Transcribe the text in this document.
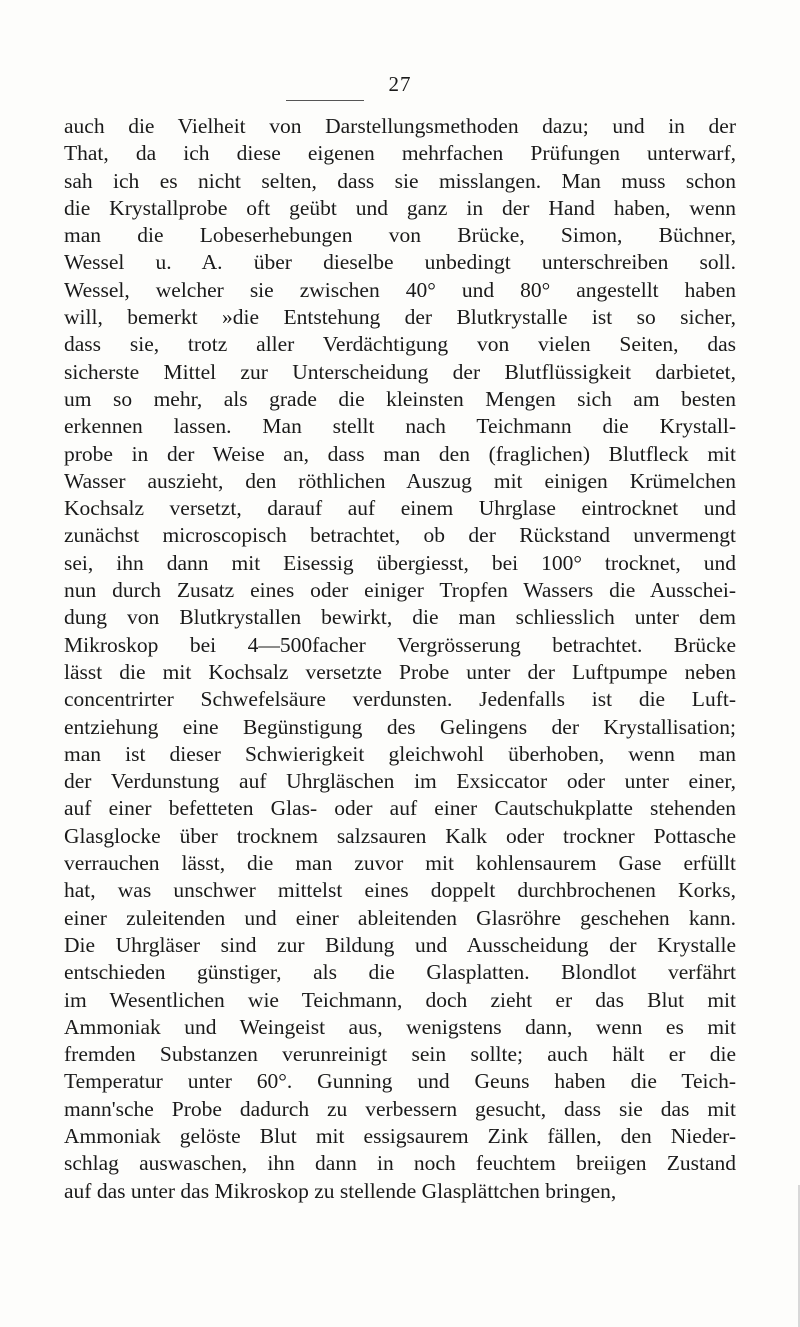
27
auch die Vielheit von Darstellungsmethoden dazu; und in der
That, da ich diese eigenen mehrfachen Prüfungen unterwarf,
sah ich es nicht selten, dass sie misslangen. Man muss schon
die Krystallprobe oft geübt und ganz in der Hand haben, wenn
man die Lobeserhebungen von Brücke, Simon, Büchner,
Wessel u. A. über dieselbe unbedingt unterschreiben soll.
Wessel, welcher sie zwischen 40° und 80° angestellt haben
will, bemerkt »die Entstehung der Blutkrystalle ist so sicher,
dass sie, trotz aller Verdächtigung von vielen Seiten, das
sicherste Mittel zur Unterscheidung der Blutflüssigkeit darbietet,
um so mehr, als grade die kleinsten Mengen sich am besten
erkennen lassen. Man stellt nach Teichmann die Krystall-
probe in der Weise an, dass man den (fraglichen) Blutfleck mit
Wasser auszieht, den röthlichen Auszug mit einigen Krümelchen
Kochsalz versetzt, darauf auf einem Uhrglase eintrocknet und
zunächst microscopisch betrachtet, ob der Rückstand unvermengt
sei, ihn dann mit Eisessig übergiesst, bei 100° trocknet, und
nun durch Zusatz eines oder einiger Tropfen Wassers die Ausschei-
dung von Blutkrystallen bewirkt, die man schliesslich unter dem
Mikroskop bei 4—500facher Vergrösserung betrachtet. Brücke
lässt die mit Kochsalz versetzte Probe unter der Luftpumpe neben
concentrirter Schwefelsäure verdunsten. Jedenfalls ist die Luft-
entziehung eine Begünstigung des Gelingens der Krystallisation;
man ist dieser Schwierigkeit gleichwohl überhoben, wenn man
der Verdunstung auf Uhrgläschen im Exsiccator oder unter einer,
auf einer befetteten Glas- oder auf einer Cautschukplatte stehenden
Glasglocke über trocknem salzsauren Kalk oder trockner Pottasche
verrauchen lässt, die man zuvor mit kohlensaurem Gase erfüllt
hat, was unschwer mittelst eines doppelt durchbrochenen Korks,
einer zuleitenden und einer ableitenden Glasröhre geschehen kann.
Die Uhrgläser sind zur Bildung und Ausscheidung der Krystalle
entschieden günstiger, als die Glasplatten. Blondlot verfährt
im Wesentlichen wie Teichmann, doch zieht er das Blut mit
Ammoniak und Weingeist aus, wenigstens dann, wenn es mit
fremden Substanzen verunreinigt sein sollte; auch hält er die
Temperatur unter 60°. Gunning und Geuns haben die Teich-
mann'sche Probe dadurch zu verbessern gesucht, dass sie das mit
Ammoniak gelöste Blut mit essigsaurem Zink fällen, den Nieder-
schlag auswaschen, ihn dann in noch feuchtem breiigen Zustand
auf das unter das Mikroskop zu stellende Glasplättchen bringen,
